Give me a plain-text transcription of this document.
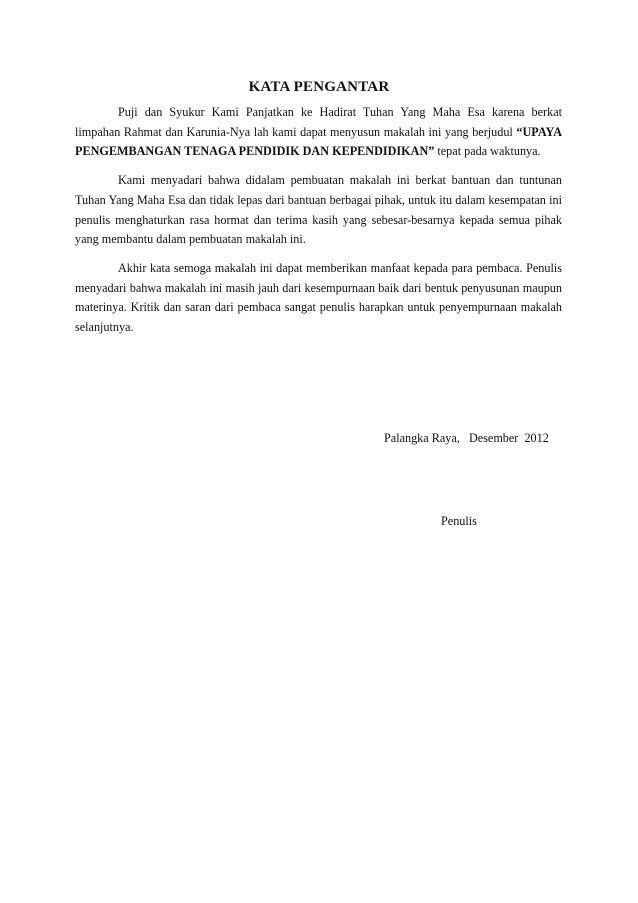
KATA PENGANTAR

Puji dan Syukur Kami Panjatkan ke Hadirat Tuhan Yang Maha Esa karena berkat limpahan Rahmat dan Karunia-Nya lah kami dapat menyusun makalah ini yang berjudul “UPAYA PENGEMBANGAN TENAGA PENDIDIK DAN KEPENDIDIKAN” tepat pada waktunya.

Kami menyadari bahwa didalam pembuatan makalah ini berkat bantuan dan tuntunan Tuhan Yang Maha Esa dan tidak lepas dari bantuan berbagai pihak, untuk itu dalam kesempatan ini penulis menghaturkan rasa hormat dan terima kasih yang sebesar-besarnya kepada semua pihak yang membantu dalam pembuatan makalah ini.

Akhir kata semoga makalah ini dapat memberikan manfaat kepada para pembaca. Penulis menyadari bahwa makalah ini masih jauh dari kesempurnaan baik dari bentuk penyusunan maupun materinya. Kritik dan saran dari pembaca sangat penulis harapkan untuk penyempurnaan makalah selanjutnya.

Palangka Raya,   Desember  2012
Penulis
